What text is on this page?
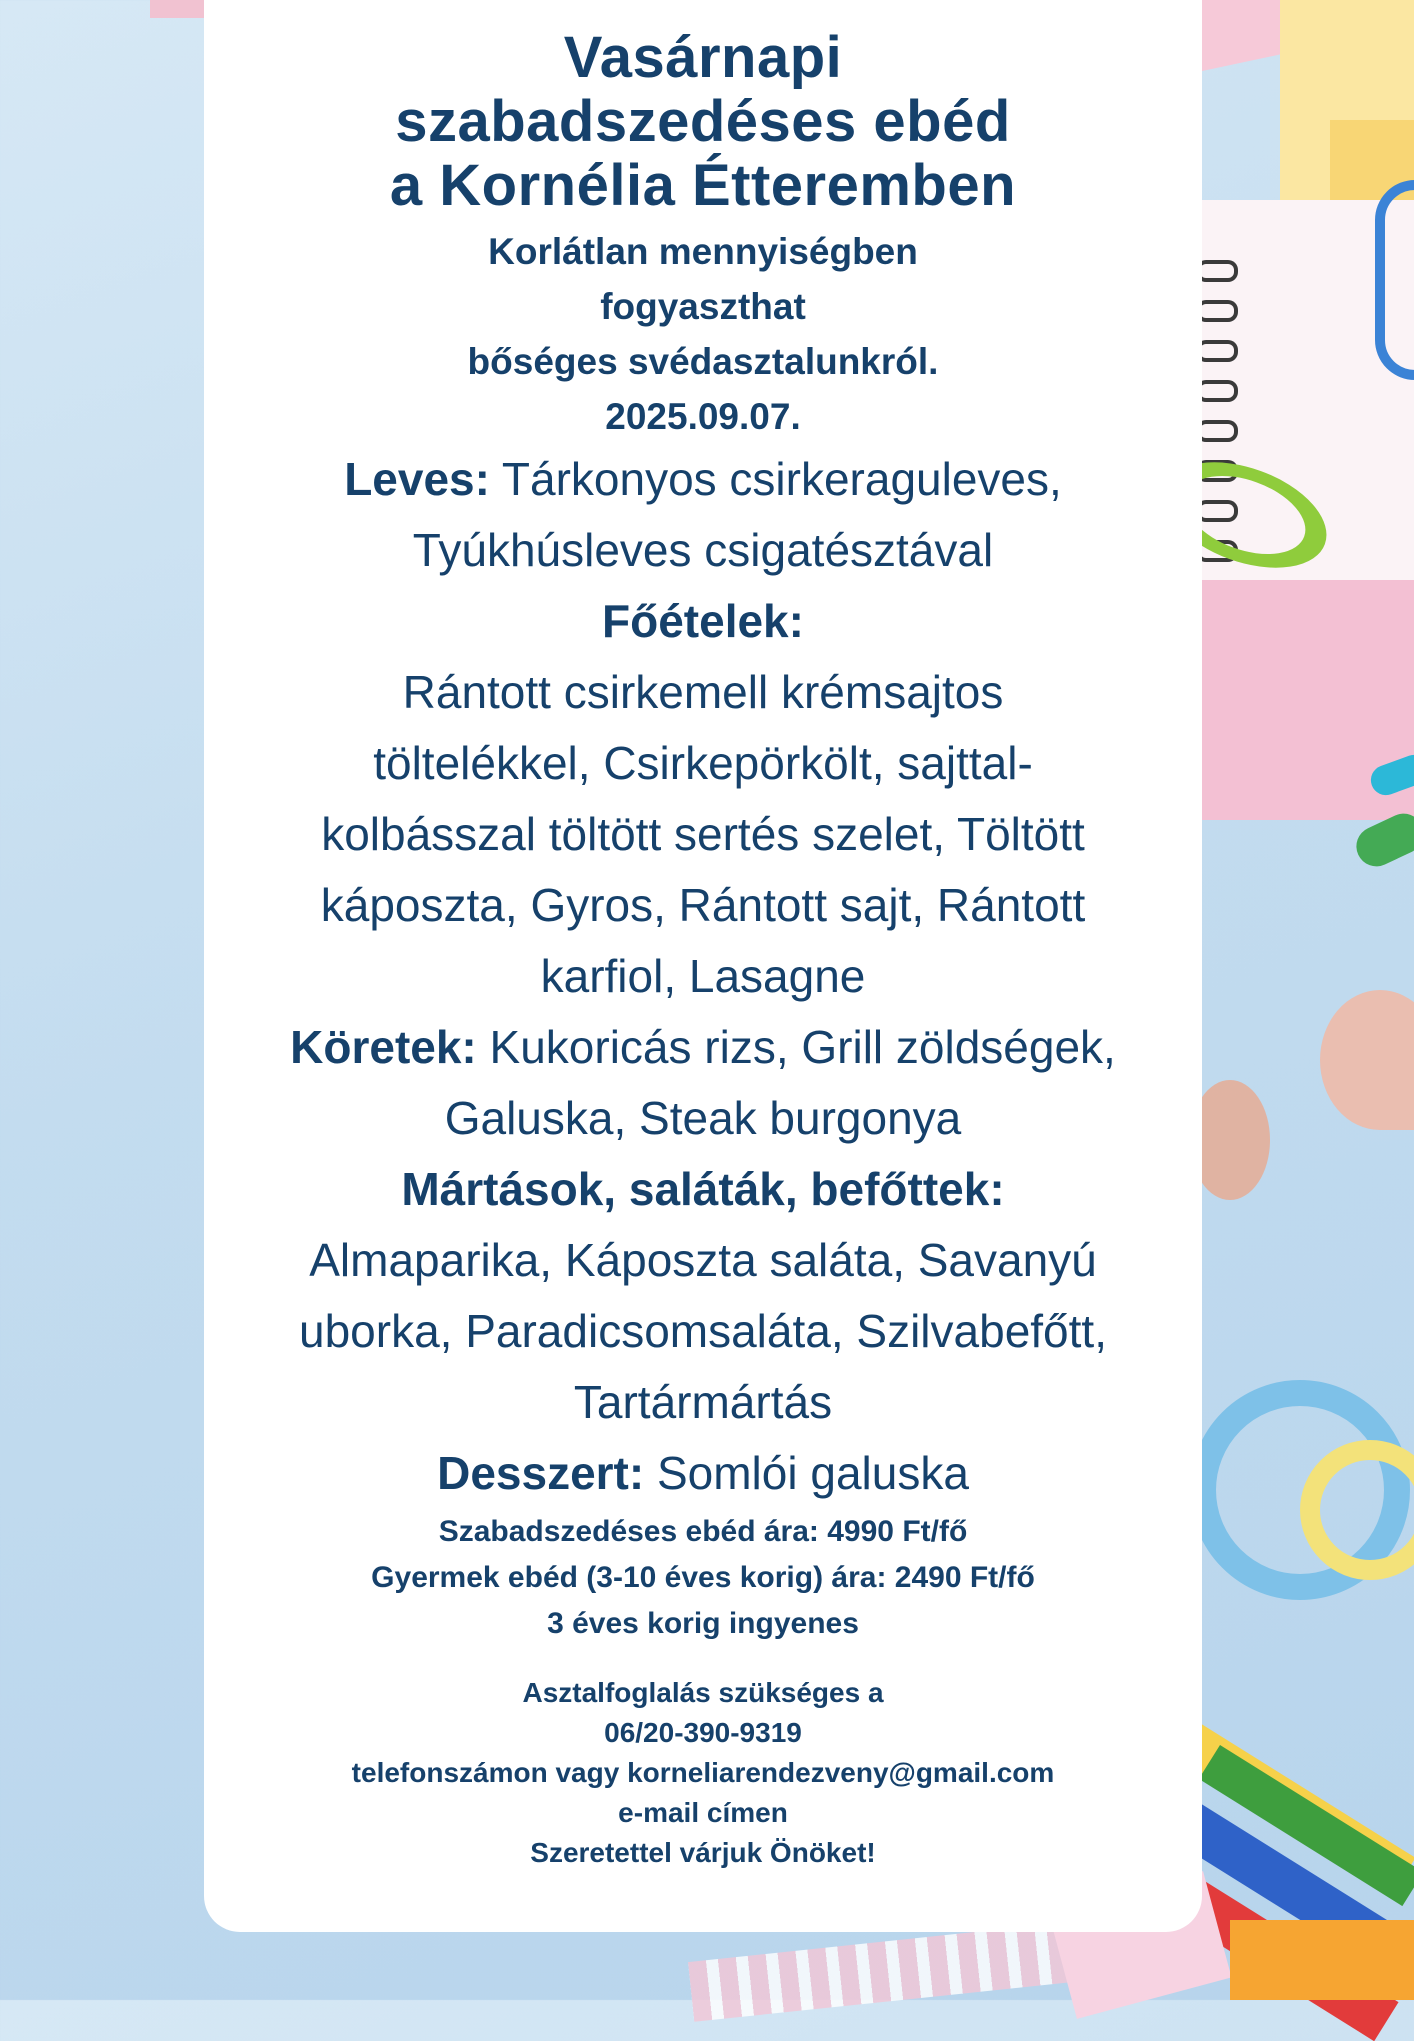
Vasárnapi
szabadszedéses ebéd
a Kornélia Étteremben
Korlátlan mennyiségben
fogyaszthat
bőséges svédasztalunkról.
2025.09.07.
Leves: Tárkonyos csirkeraguleves,
Tyúkhúsleves csigatésztával
Főételek:
Rántott csirkemell krémsajtos
töltelékkel, Csirkepörkölt, sajttal-
kolbásszal töltött sertés szelet, Töltött
káposzta, Gyros, Rántott sajt, Rántott
karfiol, Lasagne
Köretek: Kukoricás rizs, Grill zöldségek,
Galuska, Steak burgonya
Mártások, saláták, befőttek:
Almaparika, Káposzta saláta, Savanyú
uborka, Paradicsomsaláta, Szilvabefőtt,
Tartármártás
Desszert: Somlói galuska
Szabadszedéses ebéd ára: 4990 Ft/fő
Gyermek ebéd (3-10 éves korig) ára: 2490 Ft/fő
3 éves korig ingyenes
Asztalfoglalás szükséges a
06/20-390-9319
telefonszámon vagy korneliarendezveny@gmail.com
e-mail címen
Szeretettel várjuk Önöket!
